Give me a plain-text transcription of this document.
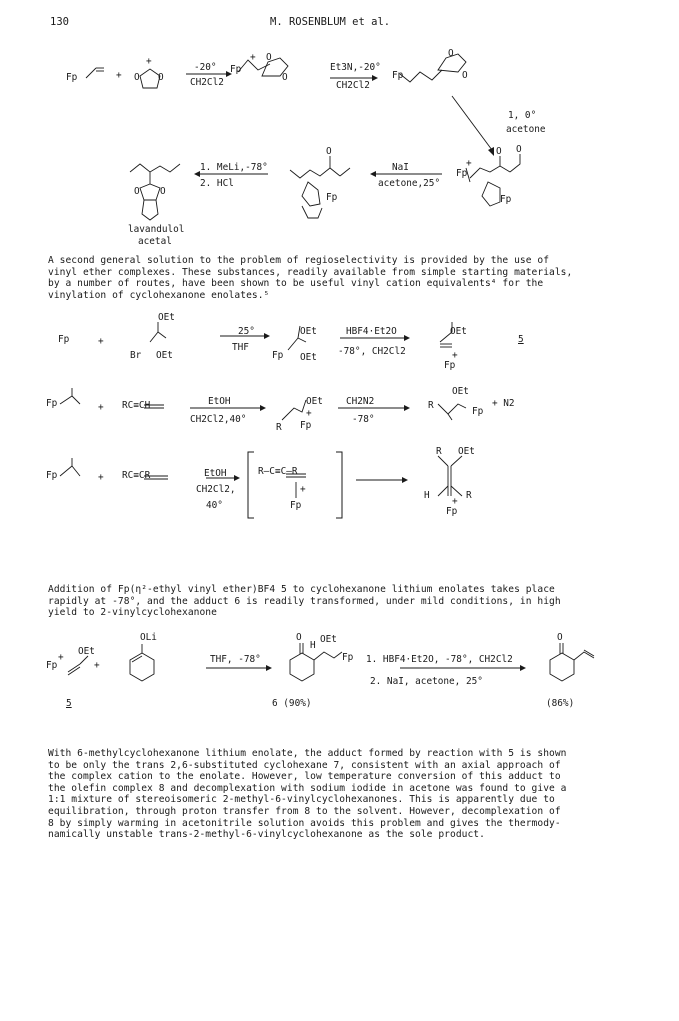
130	M. ROSENBLUM et al.
Fp	+
+
O O
-20°
CH2Cl2
Fp
+ O
O
Et3N,-20°
CH2Cl2
Fp
O
O
1, 0°
acetone
Fp
+
O O
Fp
NaI
acetone,25°
O
Fp
1. MeLi,-78°
2. HCl
O O
lavandulol
acetal
A second general solution to the problem of regioselectivity is provided by the use of
vinyl ether complexes. These substances, readily available from simple starting materials,
by a number of routes, have been shown to be useful vinyl cation equivalents⁴ for the
vinylation of cyclohexanone enolates.⁵
Fp	+
OEt
Br OEt
25°
THF
OEt
Fp OEt
HBF4·Et2O
-78°, CH2Cl2
OEt
+
Fp
5
Fp	+ RC≡CH	EtOH
CH2Cl2,40°
OEt
+
R Fp
CH2N2
-78°
OEt
R
Fp
+ N2
Fp	+ RC≡CR	EtOH
CH2Cl2,
40°
R—C≡C—R
+
Fp
R OEt
H	R
+
Fp
Addition of Fp(η²-ethyl vinyl ether)BF4 5 to cyclohexanone lithium enolates takes place
rapidly at -78°, and the adduct 6 is readily transformed, under mild conditions, in high
yield to 2-vinylcyclohexanone
Fp
+
OEt
+
5
OLi
THF, -78°
O
H
OEt
Fp
6 (90%)
1. HBF4·Et2O, -78°, CH2Cl2
2. NaI, acetone, 25°
O
(86%)
With 6-methylcyclohexanone lithium enolate, the adduct formed by reaction with 5 is shown
to be only the trans 2,6-substituted cyclohexane 7, consistent with an axial approach of
the complex cation to the enolate. However, low temperature conversion of this adduct to
the olefin complex 8 and decomplexation with sodium iodide in acetone was found to give a
1:1 mixture of stereoisomeric 2-methyl-6-vinylcyclohexanones. This is apparently due to
equilibration, through proton transfer from 8 to the solvent. However, decomplexation of
8 by simply warming in acetonitrile solution avoids this problem and gives the thermody-
namically unstable trans-2-methyl-6-vinylcyclohexanone as the sole product.
